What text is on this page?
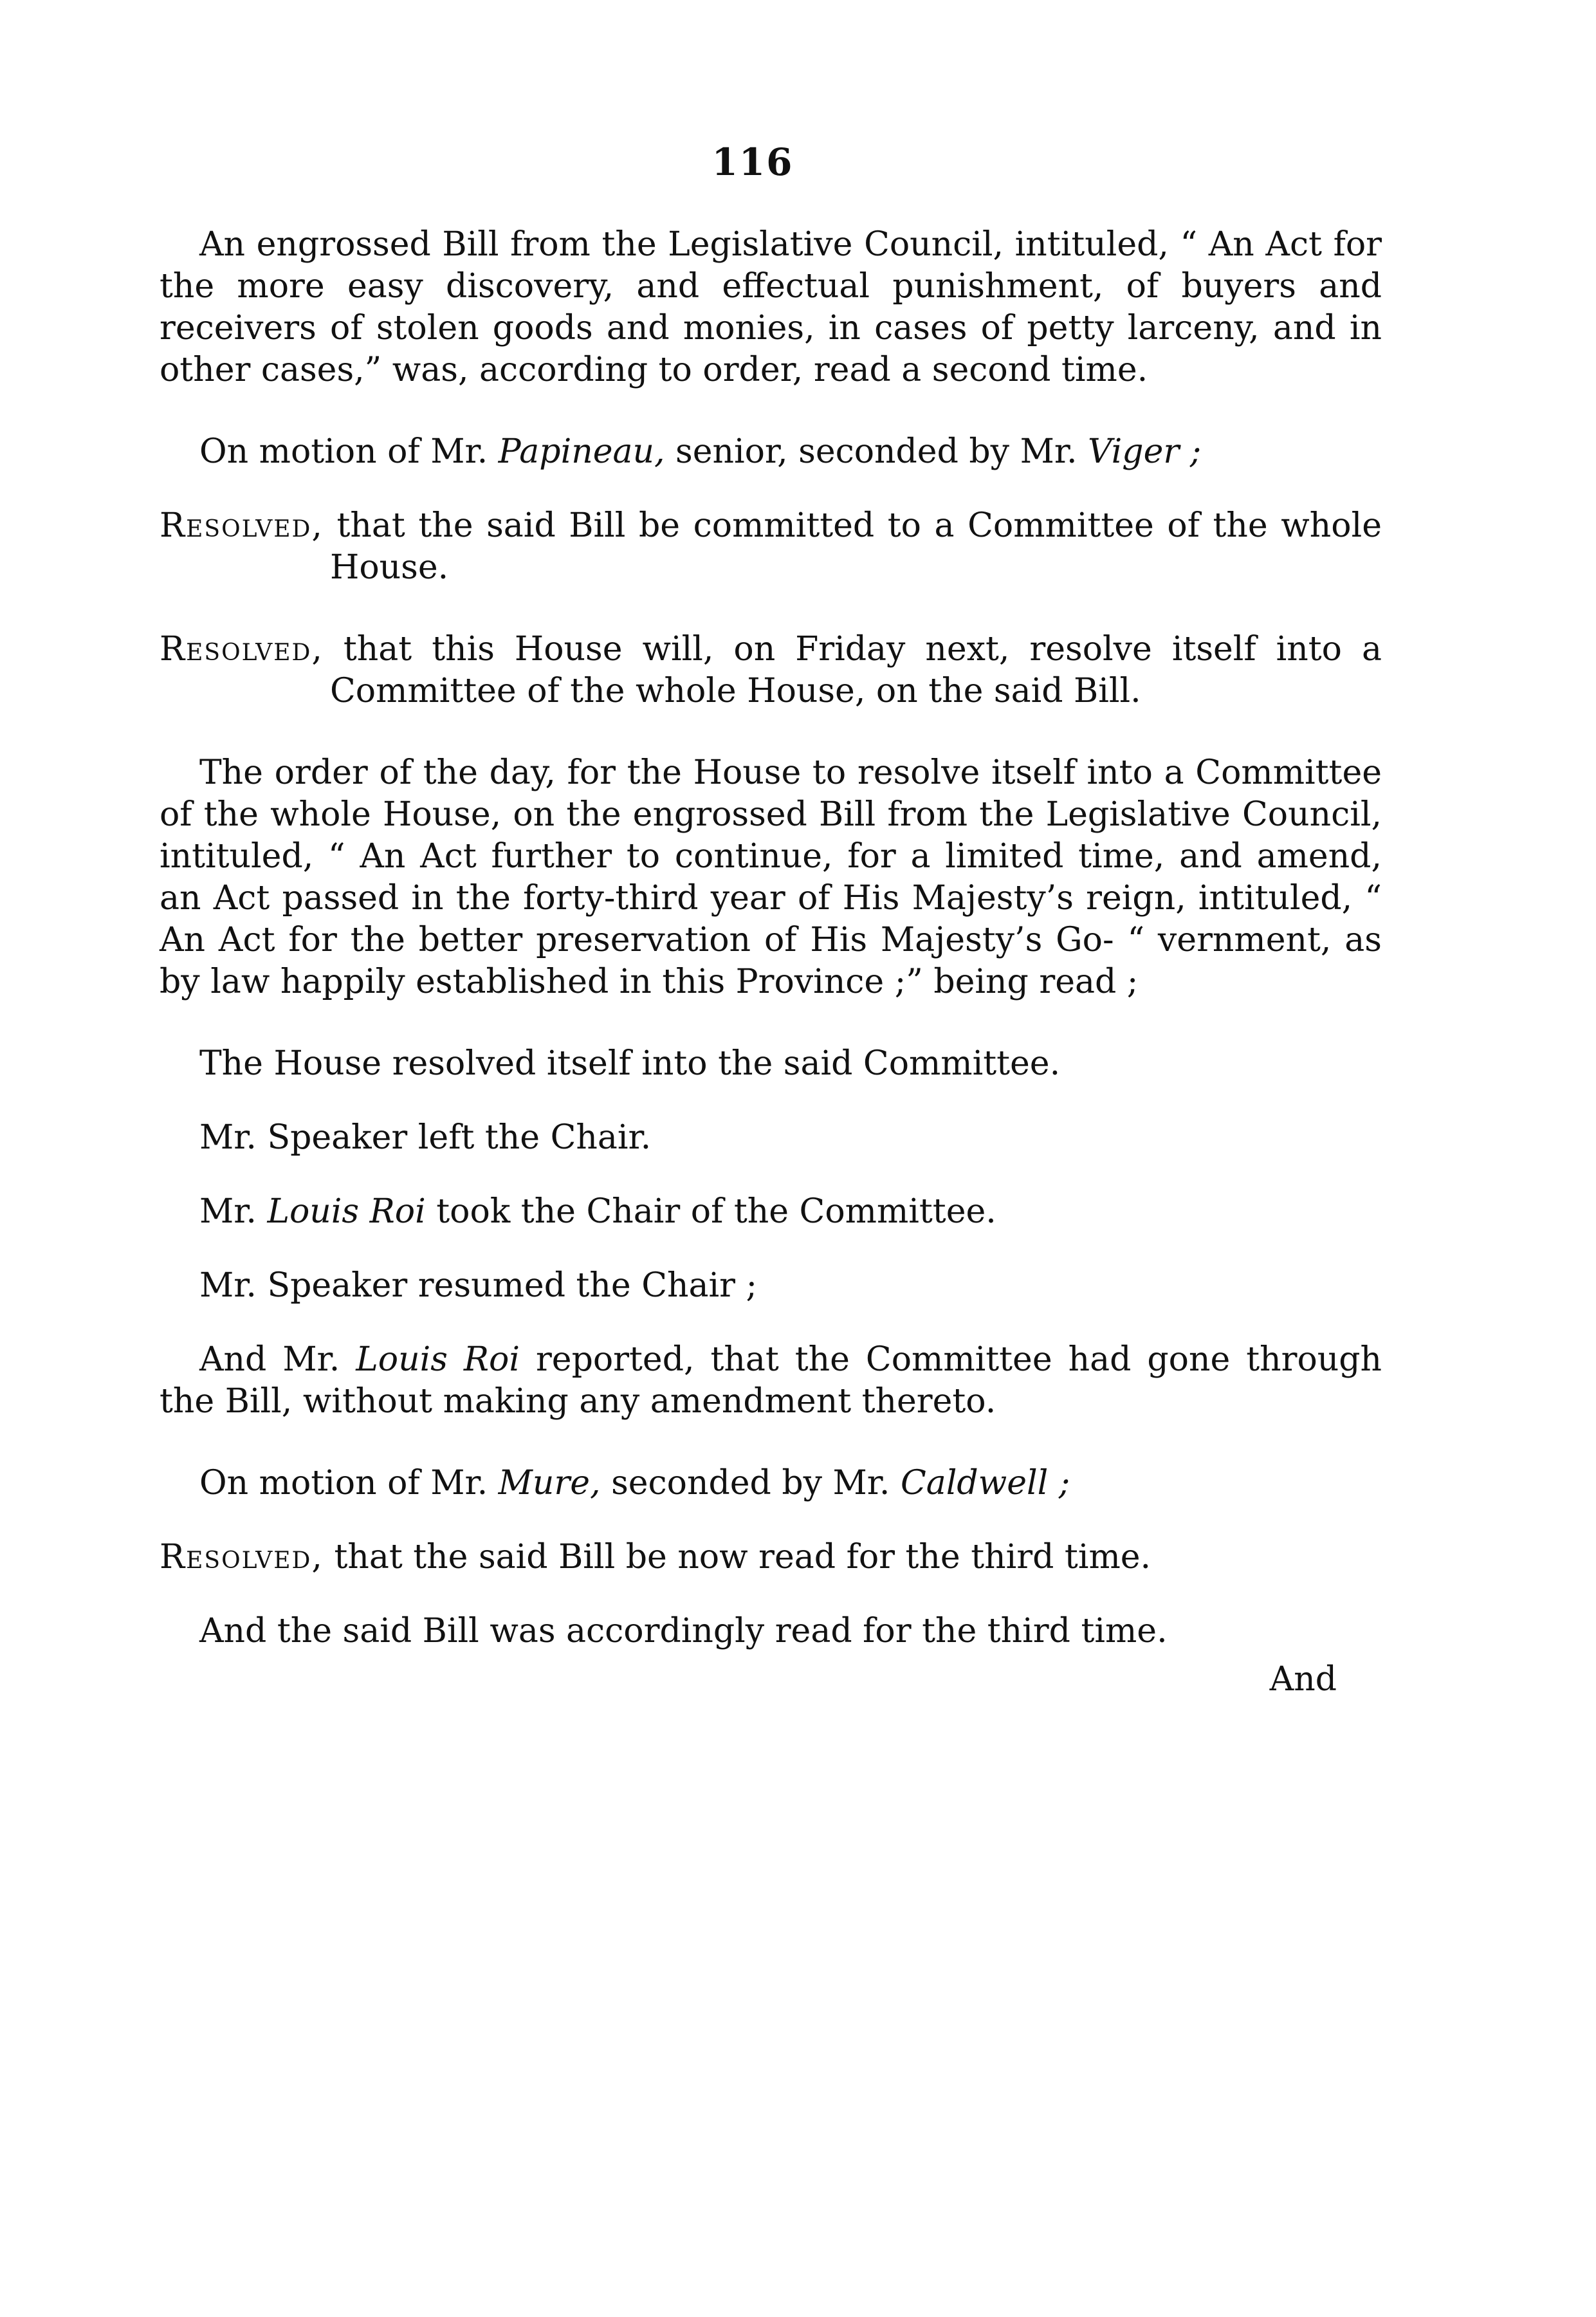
116

An engrossed Bill from the Legislative Council, intituled, “ An Act for the more easy discovery, and effectual punishment, of buyers and receivers of stolen goods and monies, in cases of petty larceny, and in other cases,” was, according to order, read a second time.

On motion of Mr. Papineau, senior, seconded by Mr. Viger ;

Resolved, that the said Bill be committed to a Committee of the whole House.

Resolved, that this House will, on Friday next, resolve itself into a Committee of the whole House, on the said Bill.

The order of the day, for the House to resolve itself into a Committee of the whole House, on the engrossed Bill from the Legislative Council, intituled, “ An Act further to continue, for a limited time, and amend, an Act passed in the forty-third year of His Majesty’s reign, intituled, “ An Act for the better preservation of His Majesty’s Go- “ vernment, as by law happily established in this Province ;” being read ;

The House resolved itself into the said Committee.

Mr. Speaker left the Chair.

Mr. Louis Roi took the Chair of the Committee.

Mr. Speaker resumed the Chair ;

And Mr. Louis Roi reported, that the Committee had gone through the Bill, without making any amendment thereto.

On motion of Mr. Mure, seconded by Mr. Caldwell ;

Resolved, that the said Bill be now read for the third time.

And the said Bill was accordingly read for the third time.

And
